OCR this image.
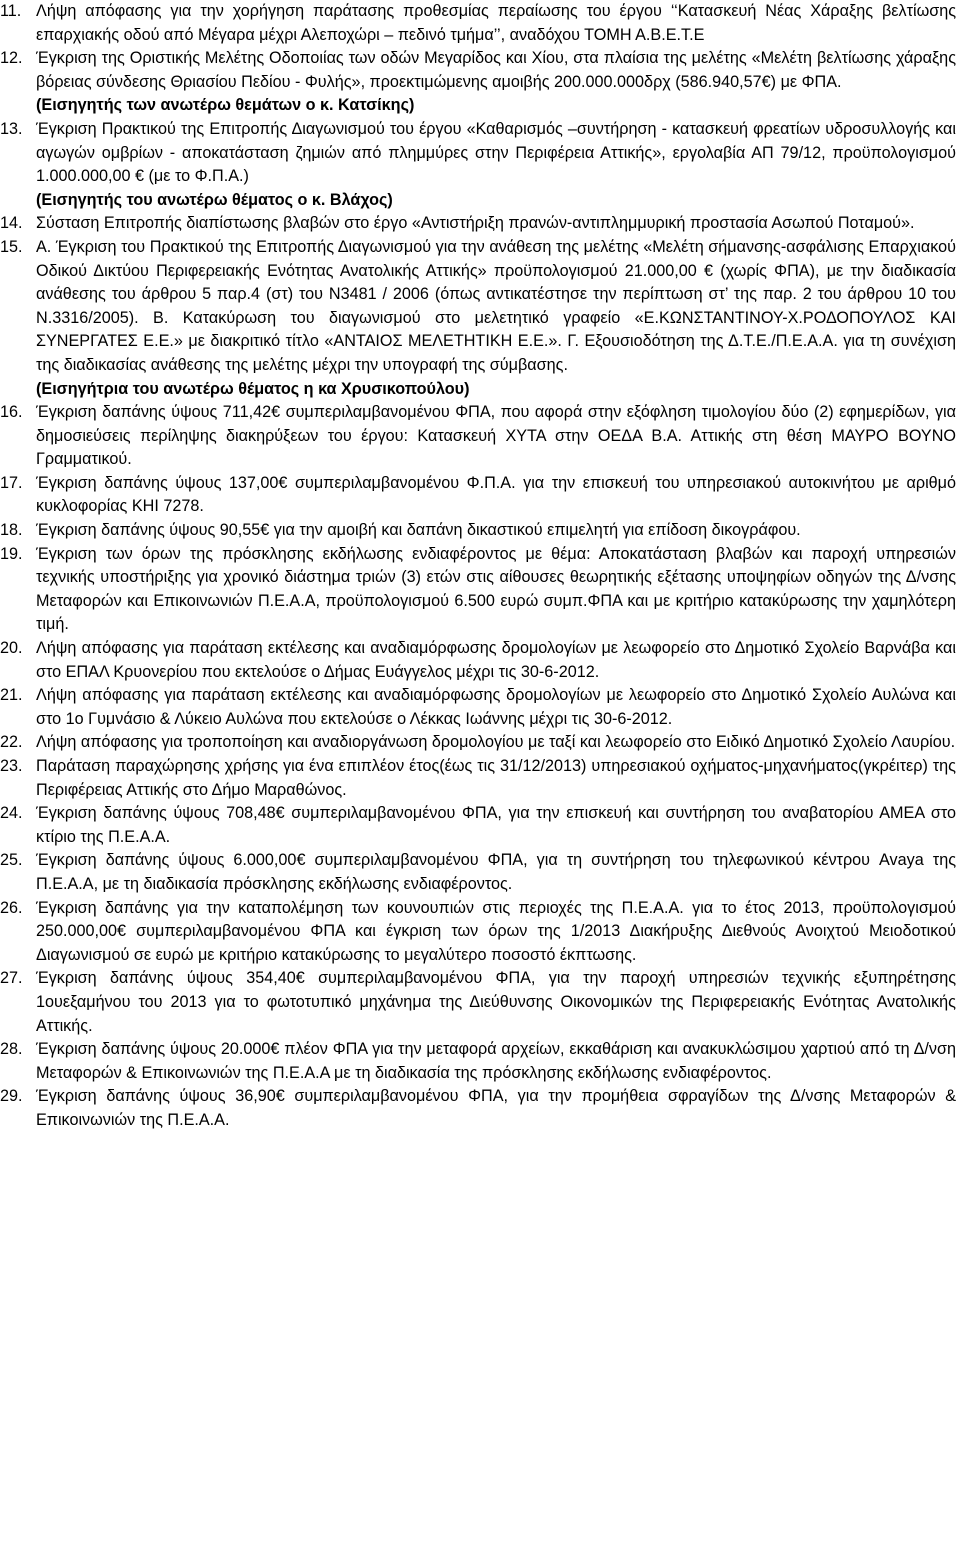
11. Λήψη απόφασης για την χορήγηση παράτασης προθεσμίας περαίωσης του έργου ‘‘Κατασκευή Νέας Χάραξης βελτίωσης επαρχιακής οδού από Μέγαρα μέχρι Αλεποχώρι – πεδινό τμήμα’’, αναδόχου ΤΟΜΗ Α.Β.Ε.Τ.Ε
12. Έγκριση της Οριστικής Μελέτης Οδοποιίας των οδών Μεγαρίδος και Χίου, στα πλαίσια της μελέτης «Μελέτη βελτίωσης χάραξης βόρειας σύνδεσης Θριασίου Πεδίου - Φυλής», προεκτιμώμενης αμοιβής 200.000.000δρχ (586.940,57€) με ΦΠΑ.
(Εισηγητής των ανωτέρω θεμάτων ο κ. Κατσίκης)
13. Έγκριση Πρακτικού της Επιτροπής Διαγωνισμού του έργου «Καθαρισμός –συντήρηση - κατασκευή φρεατίων υδροσυλλογής και αγωγών ομβρίων - αποκατάσταση ζημιών από πλημμύρες στην Περιφέρεια Αττικής», εργολαβία ΑΠ 79/12, προϋπολογισμού 1.000.000,00 € (με το Φ.Π.Α.)
(Εισηγητής του ανωτέρω θέματος ο κ. Βλάχος)
14. Σύσταση Επιτροπής διαπίστωσης βλαβών στο έργο «Αντιστήριξη πρανών-αντιπλημμυρική προστασία Ασωπού Ποταμού».
15. Α. Έγκριση του Πρακτικού της Επιτροπής Διαγωνισμού για την ανάθεση της μελέτης «Μελέτη σήμανσης-ασφάλισης Επαρχιακού Οδικού Δικτύου Περιφερειακής Ενότητας Ανατολικής Αττικής» προϋπολογισμού 21.000,00 € (χωρίς ΦΠΑ), με την διαδικασία ανάθεσης του άρθρου 5 παρ.4 (στ) του Ν3481 / 2006 (όπως αντικατέστησε την περίπτωση στ’ της παρ. 2 του άρθρου 10 του Ν.3316/2005). Β. Κατακύρωση του διαγωνισμού στο μελετητικό γραφείο «Ε.ΚΩΝΣΤΑΝΤΙΝΟΥ-Χ.ΡΟΔΟΠΟΥΛΟΣ ΚΑΙ ΣΥΝΕΡΓΑΤΕΣ Ε.Ε.» με διακριτικό τίτλο «ΑΝΤΑΙΟΣ ΜΕΛΕΤΗΤΙΚΗ Ε.Ε.». Γ. Εξουσιοδότηση της Δ.Τ.Ε./Π.Ε.Α.Α. για τη συνέχιση της διαδικασίας ανάθεσης της μελέτης μέχρι την υπογραφή της σύμβασης.
(Εισηγήτρια του ανωτέρω θέματος η κα Χρυσικοπούλου)
16. Έγκριση δαπάνης ύψους 711,42€ συμπεριλαμβανομένου ΦΠΑ, που αφορά στην εξόφληση τιμολογίου δύο (2) εφημερίδων, για δημοσιεύσεις περίληψης διακηρύξεων του έργου: Κατασκευή ΧΥΤΑ στην ΟΕΔΑ Β.Α. Αττικής στη θέση ΜΑΥΡΟ ΒΟΥΝΟ Γραμματικού.
17. Έγκριση δαπάνης ύψους 137,00€ συμπεριλαμβανομένου Φ.Π.Α. για την επισκευή του υπηρεσιακού αυτοκινήτου με αριθμό κυκλοφορίας ΚΗΙ 7278.
18. Έγκριση δαπάνης ύψους 90,55€ για την αμοιβή και δαπάνη δικαστικού επιμελητή για επίδοση δικογράφου.
19. Έγκριση των όρων της πρόσκλησης εκδήλωσης ενδιαφέροντος με θέμα: Αποκατάσταση βλαβών και παροχή υπηρεσιών τεχνικής υποστήριξης για χρονικό διάστημα τριών (3) ετών στις αίθουσες θεωρητικής εξέτασης υποψηφίων οδηγών της Δ/νσης Μεταφορών και Επικοινωνιών Π.Ε.Α.Α, προϋπολογισμού 6.500 ευρώ συμπ.ΦΠΑ και με κριτήριο κατακύρωσης την χαμηλότερη τιμή.
20. Λήψη απόφασης για παράταση εκτέλεσης και αναδιαμόρφωσης δρομολογίων με λεωφορείο στο Δημοτικό Σχολείο Βαρνάβα και στο ΕΠΑΛ Κρυονερίου που εκτελούσε ο Δήμας Ευάγγελος μέχρι τις 30-6-2012.
21. Λήψη απόφασης για παράταση εκτέλεσης και αναδιαμόρφωσης δρομολογίων με λεωφορείο στο Δημοτικό Σχολείο Αυλώνα και στο 1ο Γυμνάσιο & Λύκειο Αυλώνα που εκτελούσε ο Λέκκας Ιωάννης μέχρι τις 30-6-2012.
22. Λήψη απόφασης για τροποποίηση και αναδιοργάνωση δρομολογίου με ταξί και λεωφορείο στο Ειδικό Δημοτικό Σχολείο Λαυρίου.
23. Παράταση παραχώρησης χρήσης για ένα επιπλέον έτος(έως τις 31/12/2013) υπηρεσιακού οχήματος-μηχανήματος(γκρέιτερ) της Περιφέρειας Αττικής στο Δήμο Μαραθώνος.
24. Έγκριση δαπάνης ύψους 708,48€ συμπεριλαμβανομένου ΦΠΑ, για την επισκευή και συντήρηση του αναβατορίου ΑΜΕΑ στο κτίριο της Π.Ε.Α.Α.
25. Έγκριση δαπάνης ύψους 6.000,00€ συμπεριλαμβανομένου ΦΠΑ, για τη συντήρηση του τηλεφωνικού κέντρου Avaya της Π.Ε.Α.Α, με τη διαδικασία πρόσκλησης εκδήλωσης ενδιαφέροντος.
26. Έγκριση δαπάνης για την καταπολέμηση των κουνουπιών στις περιοχές της Π.Ε.Α.Α. για το έτος 2013, προϋπολογισμού 250.000,00€ συμπεριλαμβανομένου ΦΠΑ και έγκριση των όρων της 1/2013 Διακήρυξης Διεθνούς Ανοιχτού Μειοδοτικού Διαγωνισμού σε ευρώ με κριτήριο κατακύρωσης το μεγαλύτερο ποσοστό έκπτωσης.
27. Έγκριση δαπάνης ύψους 354,40€ συμπεριλαμβανομένου ΦΠΑ, για την παροχή υπηρεσιών τεχνικής εξυπηρέτησης 1ουεξαμήνου του 2013 για το φωτοτυπικό μηχάνημα της Διεύθυνσης Οικονομικών της Περιφερειακής Ενότητας Ανατολικής Αττικής.
28. Έγκριση δαπάνης ύψους 20.000€ πλέον ΦΠΑ για την μεταφορά αρχείων, εκκαθάριση και ανακυκλώσιμου χαρτιού από τη Δ/νση Μεταφορών & Επικοινωνιών της Π.Ε.Α.Α με τη διαδικασία της πρόσκλησης εκδήλωσης ενδιαφέροντος.
29. Έγκριση δαπάνης ύψους 36,90€ συμπεριλαμβανομένου ΦΠΑ, για την προμήθεια σφραγίδων της Δ/νσης Μεταφορών & Επικοινωνιών της Π.Ε.Α.Α.
